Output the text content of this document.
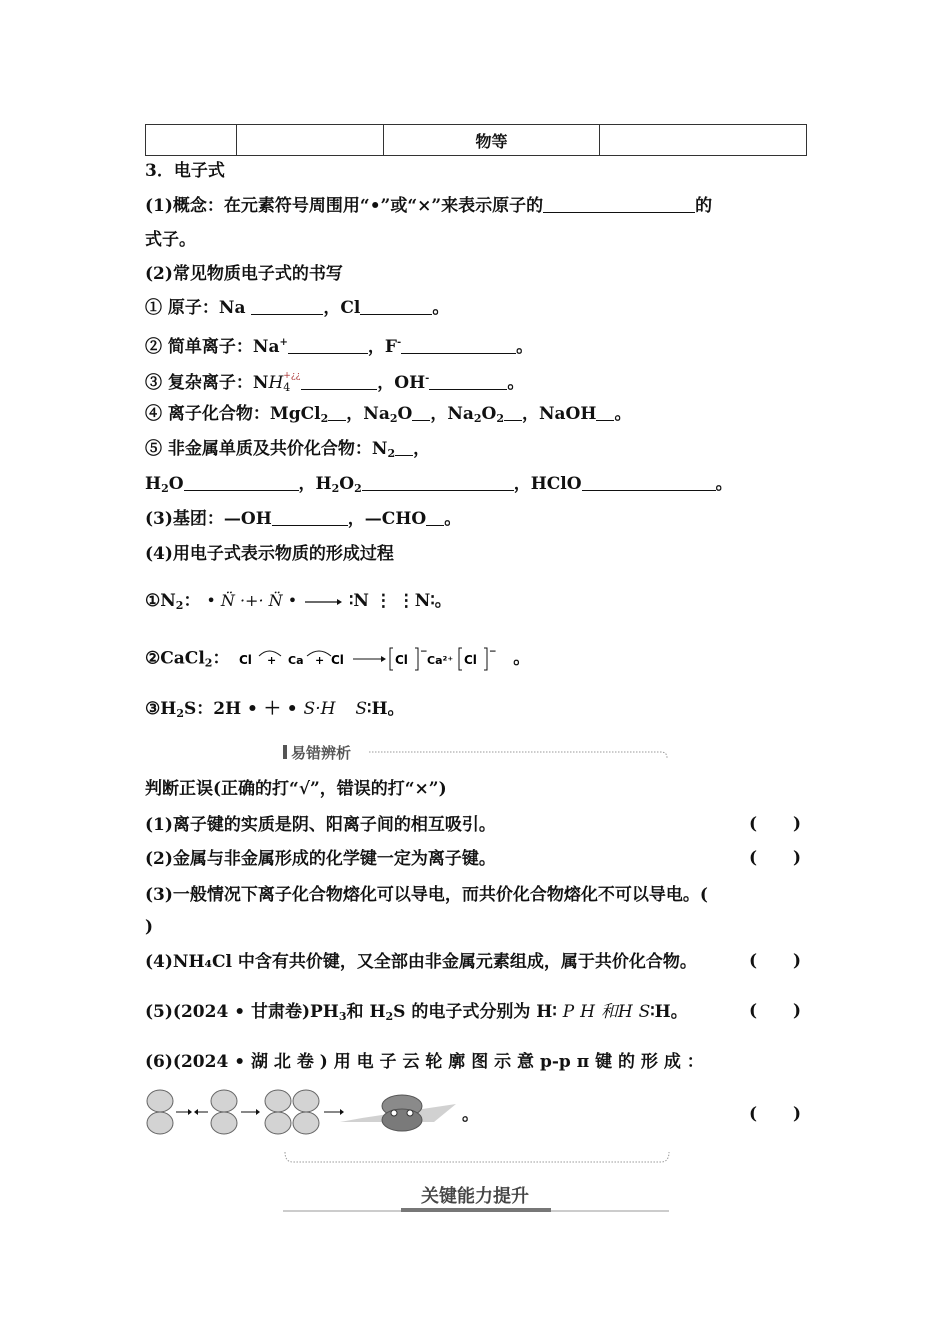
		物等	
3．电子式
(1)概念：在元素符号周围用“•”或“×”来表示原子的	的
式子。
(2)常见物质电子式的书写
① 原子：Na	，Cl	。
② 简单离子：Na+	，F-	。
③ 复杂离子：NH +¿¿
4	，OH-	。
④ 离子化合物：MgCl$_2$ ，$Na_2O$ ，$Na_2O_2$ ，NaOH 。
⑤ 非金属单质及共价化合物：$N_2$ ，
$H_2O$	，$H_2O_2$	，HClO	。
(3)基团：—OH	，—CHO 。
(4)用电子式表示物质的形成过程
$①N_2$： • N̈ ·+· N̈ • → ∶N ⋮ ⋮N∶。
②CaCl$_2$： Cl + Ca + Cl	Cl
−
Ca²⁺ Cl
− 。
$③H_2S$：2H • ＋ • S·H S∶H。
易错辨析
判断正误(正确的打“√”，错误的打“×”)
(1)离子键的实质是阴、阳离子间的相互吸引。	( )
(2)金属与非金属形成的化学键一定为离子键。	( )
(3)一般情况下离子化合物熔化可以导电，而共价化合物熔化不可以导电。(
)
(4)NH₄Cl 中含有共价键，又全部由非金属元素组成，属于共价化合物。	( )
(5)(2024 • 甘肃卷)$PH_3$和 $H_2S$ 的电子式分别为 H∶ P H 和H S∶H。	( )
(6)(2024 • 湖 北 卷 ) 用 电 子 云 轮 廓 图 示 意 p-p π 键 的 形 成 ：
。	( )
关键能力提升
